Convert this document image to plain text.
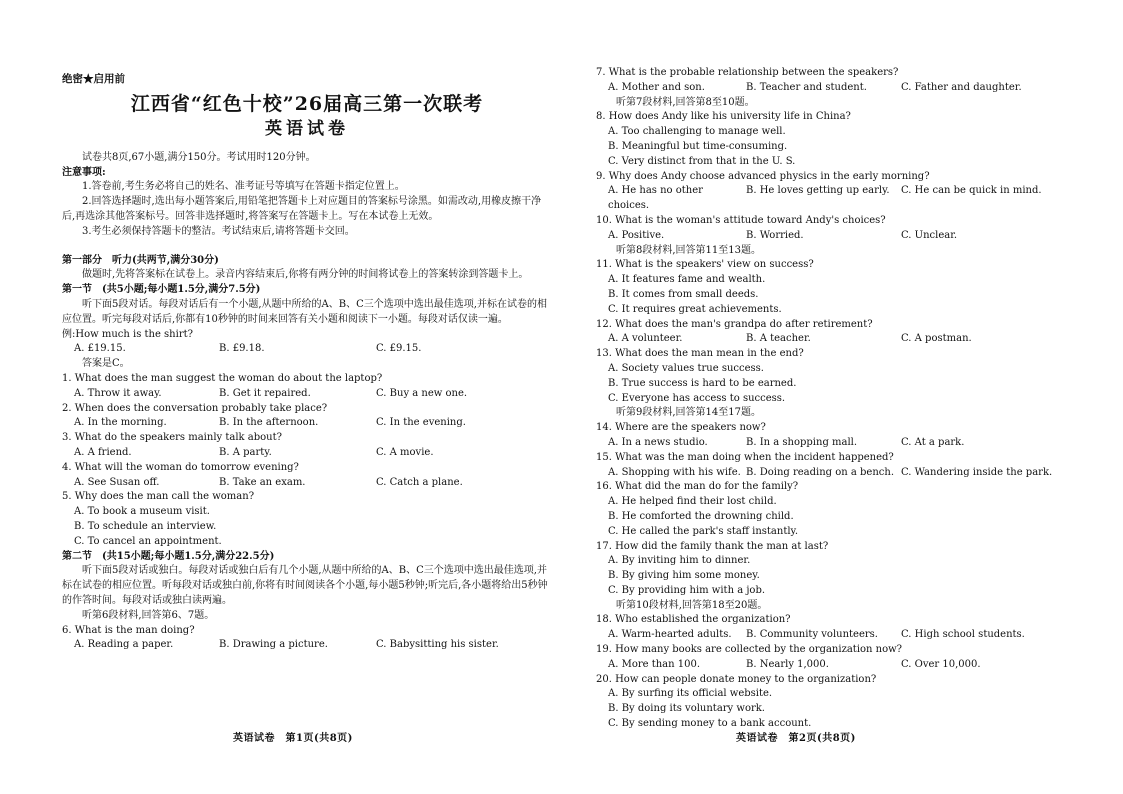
绝密★启用前
江西省“红色十校”26届高三第一次联考
英语试卷

试卷共8页,67小题,满分150分。考试用时120分钟。

注意事项:

1.答卷前,考生务必将自己的姓名、准考证号等填写在答题卡指定位置上。

2.回答选择题时,选出每小题答案后,用铅笔把答题卡上对应题目的答案标号涂黑。如需改动,用橡皮擦干净后,再选涂其他答案标号。回答非选择题时,将答案写在答题卡上。写在本试卷上无效。

3.考生必须保持答题卡的整洁。考试结束后,请将答题卡交回。

第一部分　听力(共两节,满分30分)

做题时,先将答案标在试卷上。录音内容结束后,你将有两分钟的时间将试卷上的答案转涂到答题卡上。

第一节　(共5小题;每小题1.5分,满分7.5分)

听下面5段对话。每段对话后有一个小题,从题中所给的A、B、C三个选项中选出最佳选项,并标在试卷的相应位置。听完每段对话后,你都有10秒钟的时间来回答有关小题和阅读下一小题。每段对话仅读一遍。

例:How much is the shirt?

A. £19.15.	B. £9.18.	C. £9.15.

答案是C。

1. What does the man suggest the woman do about the laptop?

A. Throw it away.	B. Get it repaired.	C. Buy a new one.

2. When does the conversation probably take place?

A. In the morning.	B. In the afternoon.	C. In the evening.

3. What do the speakers mainly talk about?

A. A friend.	B. A party.	C. A movie.

4. What will the woman do tomorrow evening?

A. See Susan off.	B. Take an exam.	C. Catch a plane.

5. Why does the man call the woman?

A. To book a museum visit.

B. To schedule an interview.

C. To cancel an appointment.

第二节　(共15小题;每小题1.5分,满分22.5分)

听下面5段对话或独白。每段对话或独白后有几个小题,从题中所给的A、B、C三个选项中选出最佳选项,并标在试卷的相应位置。听每段对话或独白前,你将有时间阅读各个小题,每小题5秒钟;听完后,各小题将给出5秒钟的作答时间。每段对话或独白读两遍。

听第6段材料,回答第6、7题。

6. What is the man doing?

A. Reading a paper.	B. Drawing a picture.	C. Babysitting his sister.
英语试卷　第1页(共8页)

7. What is the probable relationship between the speakers?

A. Mother and son.	B. Teacher and student.	C. Father and daughter.

听第7段材料,回答第8至10题。

8. How does Andy like his university life in China?

A. Too challenging to manage well.

B. Meaningful but time-consuming.

C. Very distinct from that in the U. S.

9. Why does Andy choose advanced physics in the early morning?

A. He has no other choices.
B. He loves getting up early.	C. He can be quick in mind.

10. What is the woman's attitude toward Andy's choices?

A. Positive.	B. Worried.	C. Unclear.

听第8段材料,回答第11至13题。

11. What is the speakers' view on success?

A. It features fame and wealth.

B. It comes from small deeds.

C. It requires great achievements.

12. What does the man's grandpa do after retirement?

A. A volunteer.	B. A teacher.	C. A postman.

13. What does the man mean in the end?

A. Society values true success.

B. True success is hard to be earned.

C. Everyone has access to success.

听第9段材料,回答第14至17题。

14. Where are the speakers now?

A. In a news studio.	B. In a shopping mall.	C. At a park.

15. What was the man doing when the incident happened?

A. Shopping with his wife. B. Doing reading on a bench. C. Wandering inside the park.

16. What did the man do for the family?

A. He helped find their lost child.

B. He comforted the drowning child.

C. He called the park's staff instantly.

17. How did the family thank the man at last?

A. By inviting him to dinner.

B. By giving him some money.

C. By providing him with a job.

听第10段材料,回答第18至20题。

18. Who established the organization?

A. Warm-hearted adults.	B. Community volunteers.	C. High school students.

19. How many books are collected by the organization now?

A. More than 100.	B. Nearly 1,000.	C. Over 10,000.

20. How can people donate money to the organization?

A. By surfing its official website.

B. By doing its voluntary work.

C. By sending money to a bank account.

英语试卷　第2页(共8页)
